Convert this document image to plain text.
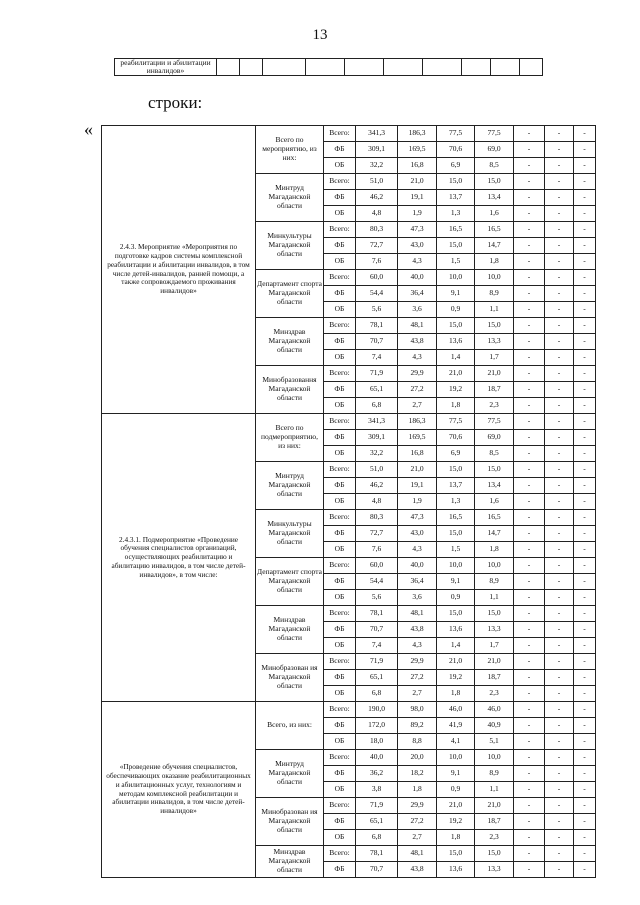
13
реабилитации и абилитации инвалидов»										
строки:
«
2.4.3. Мероприятие «Мероприятия по подготовке кадров системы комплексной реабилитации и абилитации инвалидов, в том числе детей-инвалидов, ранней помощи, а также сопровождаемого проживания инвалидов»	Всего по мероприятию, из них:	Всего:	341,3	186,3	77,5	77,5	-	-	-
		ФБ	309,1	169,5	70,6	69,0	-	-	-
		ОБ	32,2	16,8	6,9	8,5	-	-	-
	Минтруд Магаданской области	Всего:	51,0	21,0	15,0	15,0	-	-	-
		ФБ	46,2	19,1	13,7	13,4	-	-	-
		ОБ	4,8	1,9	1,3	1,6	-	-	-
	Минкультуры Магаданской области	Всего:	80,3	47,3	16,5	16,5	-	-	-
		ФБ	72,7	43,0	15,0	14,7	-	-	-
		ОБ	7,6	4,3	1,5	1,8	-	-	-
	Департамент спорта Магаданской области	Всего:	60,0	40,0	10,0	10,0	-	-	-
		ФБ	54,4	36,4	9,1	8,9	-	-	-
		ОБ	5,6	3,6	0,9	1,1	-	-	-
	Минздрав Магаданской области	Всего:	78,1	48,1	15,0	15,0	-	-	-
		ФБ	70,7	43,8	13,6	13,3	-	-	-
		ОБ	7,4	4,3	1,4	1,7	-	-	-
	Минобразовання Магаданской области	Всего:	71,9	29,9	21,0	21,0	-	-	-
		ФБ	65,1	27,2	19,2	18,7	-	-	-
		ОБ	6,8	2,7	1,8	2,3	-	-	-
2.4.3.1. Подмероприятие «Проведение обучения специалистов организаций, осуществляющих реабилитацию и абилитацию инвалидов, в том числе детей-инвалидов», в том числе:	Всего по подмероприятию, из них:	Всего:	341,3	186,3	77,5	77,5	-	-	-
		ФБ	309,1	169,5	70,6	69,0	-	-	-
		ОБ	32,2	16,8	6,9	8,5	-	-	-
	Минтруд Магаданской области	Всего:	51,0	21,0	15,0	15,0	-	-	-
		ФБ	46,2	19,1	13,7	13,4	-	-	-
		ОБ	4,8	1,9	1,3	1,6	-	-	-
	Минкультуры Магаданской области	Всего:	80,3	47,3	16,5	16,5	-	-	-
		ФБ	72,7	43,0	15,0	14,7	-	-	-
		ОБ	7,6	4,3	1,5	1,8	-	-	-
	Департамент спорта Магаданской области	Всего:	60,0	40,0	10,0	10,0	-	-	-
		ФБ	54,4	36,4	9,1	8,9	-	-	-
		ОБ	5,6	3,6	0,9	1,1	-	-	-
	Минздрав Магаданской области	Всего:	78,1	48,1	15,0	15,0	-	-	-
		ФБ	70,7	43,8	13,6	13,3	-	-	-
		ОБ	7,4	4,3	1,4	1,7	-	-	-
	Минобразован ия Магаданской области	Всего:	71,9	29,9	21,0	21,0	-	-	-
		ФБ	65,1	27,2	19,2	18,7	-	-	-
		ОБ	6,8	2,7	1,8	2,3	-	-	-
«Проведение обучения специалистов, обеспечивающих оказание реабилитационных и абилитационных услуг, технологиям и методам комплексной реабилитации и абилитации инвалидов, в том числе детей-инвалидов»	Всего, из них:	Всего:	190,0	98,0	46,0	46,0	-	-	-
		ФБ	172,0	89,2	41,9	40,9	-	-	-
		ОБ	18,0	8,8	4,1	5,1	-	-	-
	Минтруд Магаданской области	Всего:	40,0	20,0	10,0	10,0	-	-	-
		ФБ	36,2	18,2	9,1	8,9	-	-	-
		ОБ	3,8	1,8	0,9	1,1	-	-	-
	Минобразован ия Магаданской области	Всего:	71,9	29,9	21,0	21,0	-	-	-
		ФБ	65,1	27,2	19,2	18,7	-	-	-
		ОБ	6,8	2,7	1,8	2,3	-	-	-
	Минздрав Магаданской области	Всего:	78,1	48,1	15,0	15,0	-	-	-
		ФБ	70,7	43,8	13,6	13,3	-	-	-
